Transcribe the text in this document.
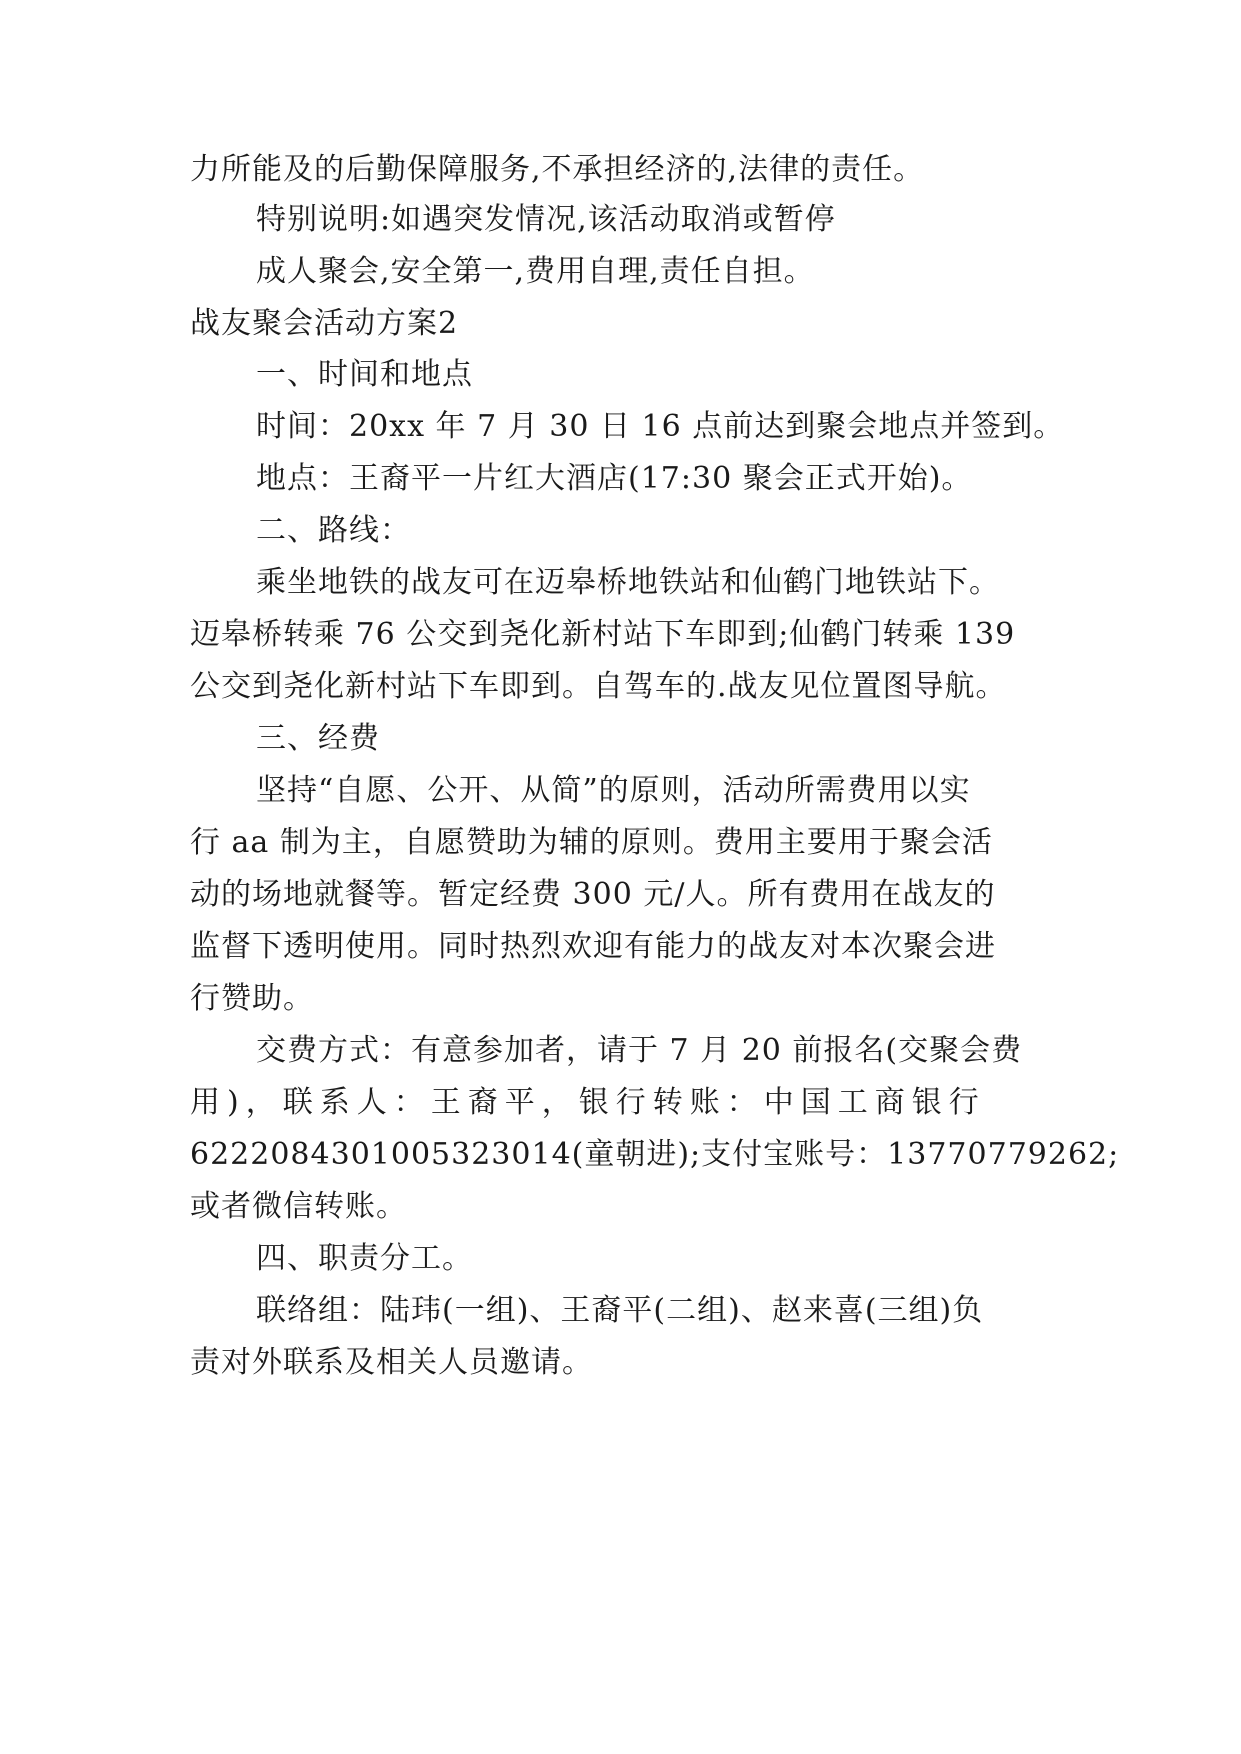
力所能及的后勤保障服务,不承担经济的,法律的责任。
特别说明:如遇突发情况,该活动取消或暂停
成人聚会,安全第一,费用自理,责任自担。
战友聚会活动方案2
一、时间和地点
时间：20xx 年 7 月 30 日 16 点前达到聚会地点并签到。
地点：王裔平一片红大酒店(17:30 聚会正式开始)。
二、路线：
乘坐地铁的战友可在迈皋桥地铁站和仙鹤门地铁站下。
迈皋桥转乘 76 公交到尧化新村站下车即到;仙鹤门转乘 139
公交到尧化新村站下车即到。自驾车的.战友见位置图导航。
三、经费
坚持“自愿、公开、从简”的原则，活动所需费用以实
行 aa 制为主，自愿赞助为辅的原则。费用主要用于聚会活
动的场地就餐等。暂定经费 300 元/人。所有费用在战友的
监督下透明使用。同时热烈欢迎有能力的战友对本次聚会进
行赞助。
交费方式：有意参加者，请于 7 月 20 前报名(交聚会费
用)，联系人：王裔平，银行转账：中国工商银行
6222084301005323014(童朝进);支付宝账号：13770779262;
或者微信转账。
四、职责分工。
联络组：陆玮(一组)、王裔平(二组)、赵来喜(三组)负
责对外联系及相关人员邀请。
